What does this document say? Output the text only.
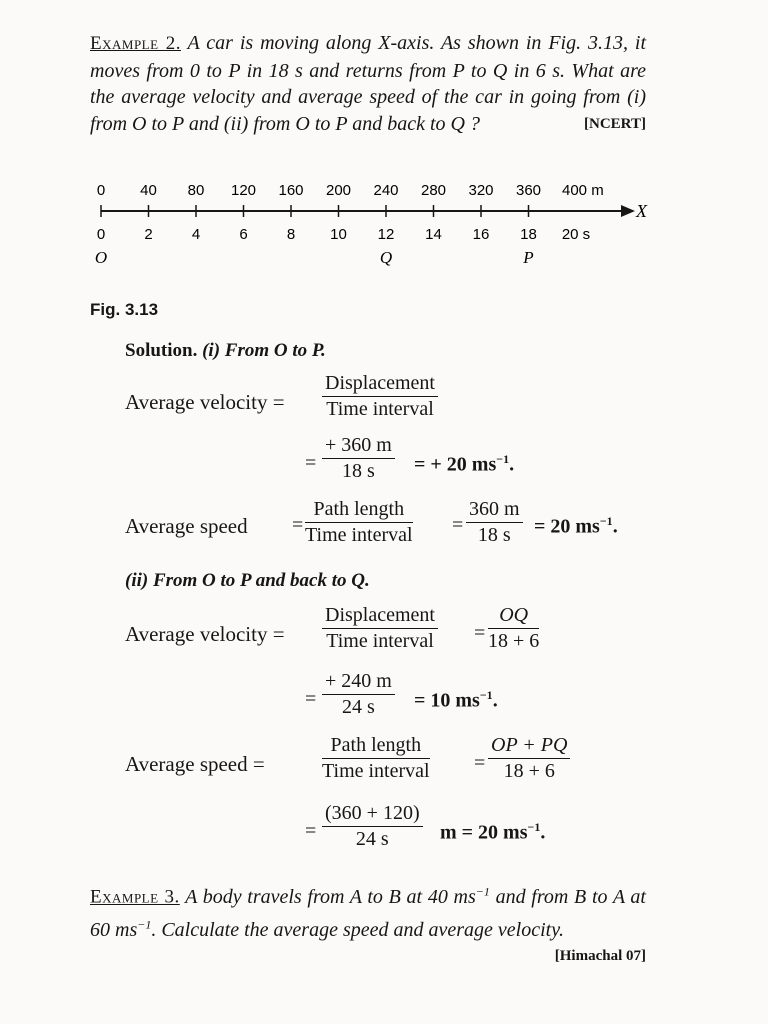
Example 2. A car is moving along X-axis. As shown in Fig. 3.13, it moves from 0 to P in 18 s and returns from P to Q in 6 s. What are the average velocity and average speed of the car in going from (i) from O to P and (ii) from O to P and back to Q ?	[NCERT]

0 40 80 120 160 200 240 280 320 360 400 m
X
0	2	4	6	8 10 12 14 16 18 20 s
O	Q	P
Fig. 3.13
Solution. (i) From O to P.
Average velocity =
Displacement
Time interval
= $\frac{+ 360 m}{18 s}$ = + 20 $ms^{-1}$.
Average speed =
Path length
Time interval = $\frac{360 m}{18 s} = 20$ $ms^{-1}$.
(ii) From O to P and back to Q.
Average velocity =
Displacement
Time interval = $\frac{OQ}{18 + 6}$
= $\frac{+ 240 m}{24 s} = 10$ $ms^{-1}$.
Average speed =
Path length
Time interval = $\frac{OP + PQ}{18 + 6}$
= $\frac{(360 + 120)}{24 s}$ m = 20 $ms^{-1}$.

Example 3. A body travels from A to B at 40 $ms^{-1}$ and from B to A at 60 $ms^{-1}$. Calculate the average speed and average velocity.
[Himachal 07]
